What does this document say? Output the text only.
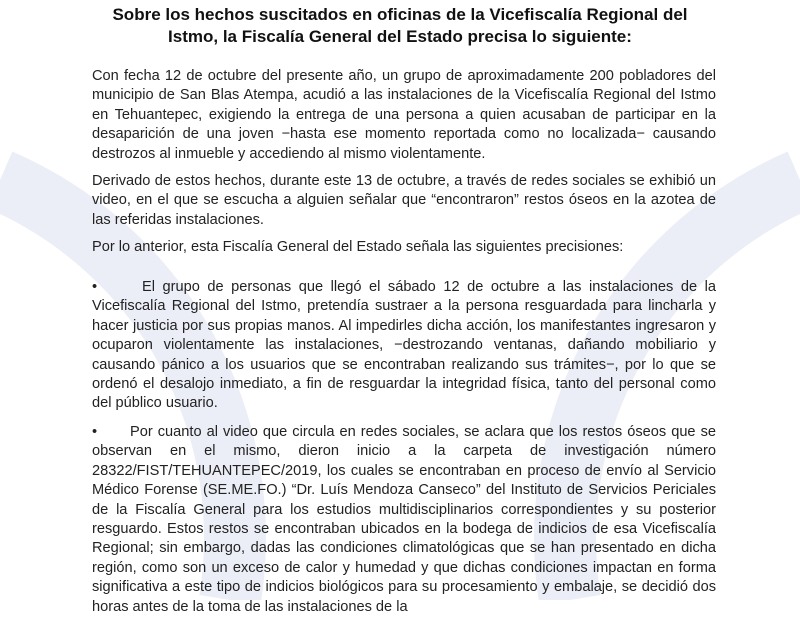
Sobre los hechos suscitados en oficinas de la Vicefiscalía Regional del Istmo, la Fiscalía General del Estado precisa lo siguiente:

Con fecha 12 de octubre del presente año, un grupo de aproximadamente 200 pobladores del municipio de San Blas Atempa, acudió a las instalaciones de la Vicefiscalía Regional del Istmo en Tehuantepec, exigiendo la entrega de una persona a quien acusaban de participar en la desaparición de una joven −hasta ese momento reportada como no localizada− causando destrozos al inmueble y accediendo al mismo violentamente.

Derivado de estos hechos, durante este 13 de octubre, a través de redes sociales se exhibió un video, en el que se escucha a alguien señalar que “encontraron” restos óseos en la azotea de las referidas instalaciones.

Por lo anterior, esta Fiscalía General del Estado señala las siguientes precisiones:

•	El grupo de personas que llegó el sábado 12 de octubre a las instalaciones de la Vicefiscalía Regional del Istmo, pretendía sustraer a la persona resguardada para lincharla y hacer justicia por sus propias manos. Al impedirles dicha acción, los manifestantes ingresaron y ocuparon violentamente las instalaciones, −destrozando ventanas, dañando mobiliario y causando pánico a los usuarios que se encontraban realizando sus trámites−, por lo que se ordenó el desalojo inmediato, a fin de resguardar la integridad física, tanto del personal como del público usuario.

• Por cuanto al video que circula en redes sociales, se aclara que los restos óseos que se observan en el mismo, dieron inicio a la carpeta de investigación número 28322/FIST/TEHUANTEPEC/2019, los cuales se encontraban en proceso de envío al Servicio Médico Forense (SE.ME.FO.) “Dr. Luís Mendoza Canseco” del Instituto de Servicios Periciales de la Fiscalía General para los estudios multidisciplinarios correspondientes y su posterior resguardo. Estos restos se encontraban ubicados en la bodega de indicios de esa Vicefiscalía Regional; sin embargo, dadas las condiciones climatológicas que se han presentado en dicha región, como son un exceso de calor y humedad y que dichas condiciones impactan en forma significativa a este tipo de indicios biológicos para su procesamiento y embalaje, se decidió dos horas antes de la toma de las instalaciones de la
